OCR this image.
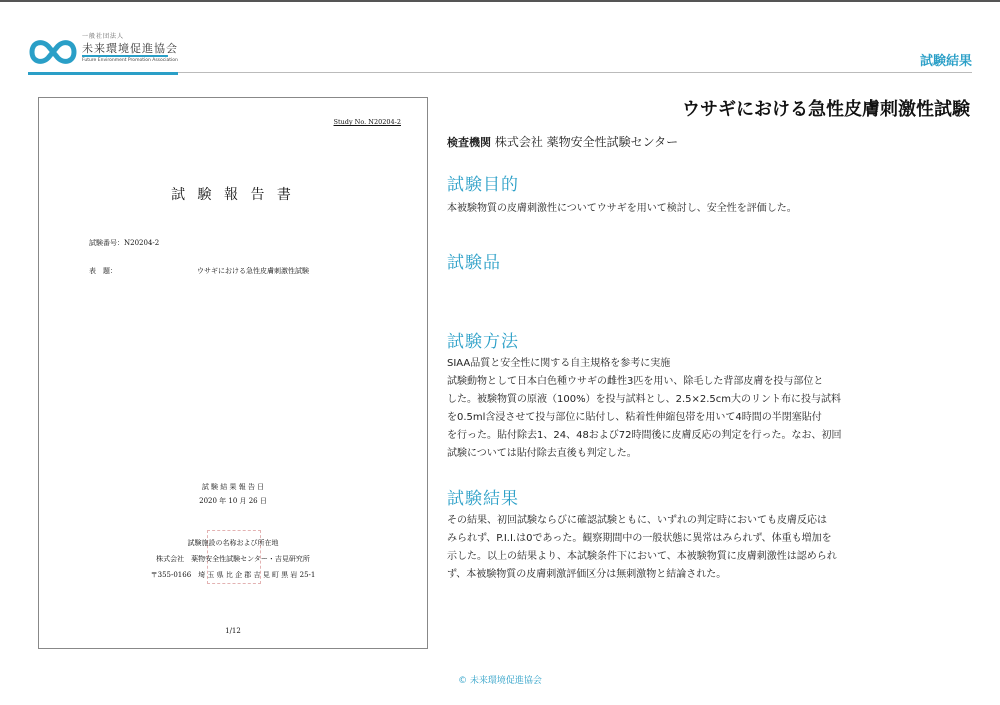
一般社団法人
未来環境促進協会
Future Environment Promotion Association	試験結果
Study No. N20204-2
試 験 報 告 書
試験番号：N20204-2
表　題：	ウサギにおける急性皮膚刺激性試験
試 験 結 果 報 告 日
2020 年 10 月 26 日
試験施設の名称および所在地
株式会社　薬物安全性試験センター・吉見研究所
〒355-0166　埼 玉 県 比 企 郡 吉 見 町 黒 岩 25-1
1/12
ウサギにおける急性皮膚刺激性試験
検査機関 株式会社 薬物安全性試験センター
試験目的
本被験物質の皮膚刺激性についてウサギを用いて検討し、安全性を評価した。
試験品
試験方法
SIAA品質と安全性に関する自主規格を参考に実施
試験動物として日本白色種ウサギの雌性3匹を用い、除毛した背部皮膚を投与部位と
した。被験物質の原液（100%）を投与試料とし、2.5×2.5cm大のリント布に投与試料
を0.5ml含浸させて投与部位に貼付し、粘着性伸縮包帯を用いて4時間の半閉塞貼付
を行った。貼付除去1、24、48および72時間後に皮膚反応の判定を行った。なお、初回
試験については貼付除去直後も判定した。
試験結果
その結果、初回試験ならびに確認試験ともに、いずれの判定時においても皮膚反応は
みられず、P.I.I.は0であった。観察期間中の一般状態に異常はみられず、体重も増加を
示した。以上の結果より、本試験条件下において、本被験物質に皮膚刺激性は認められ
ず、本被験物質の皮膚刺激評価区分は無刺激物と結論された。
© 未来環境促進協会
